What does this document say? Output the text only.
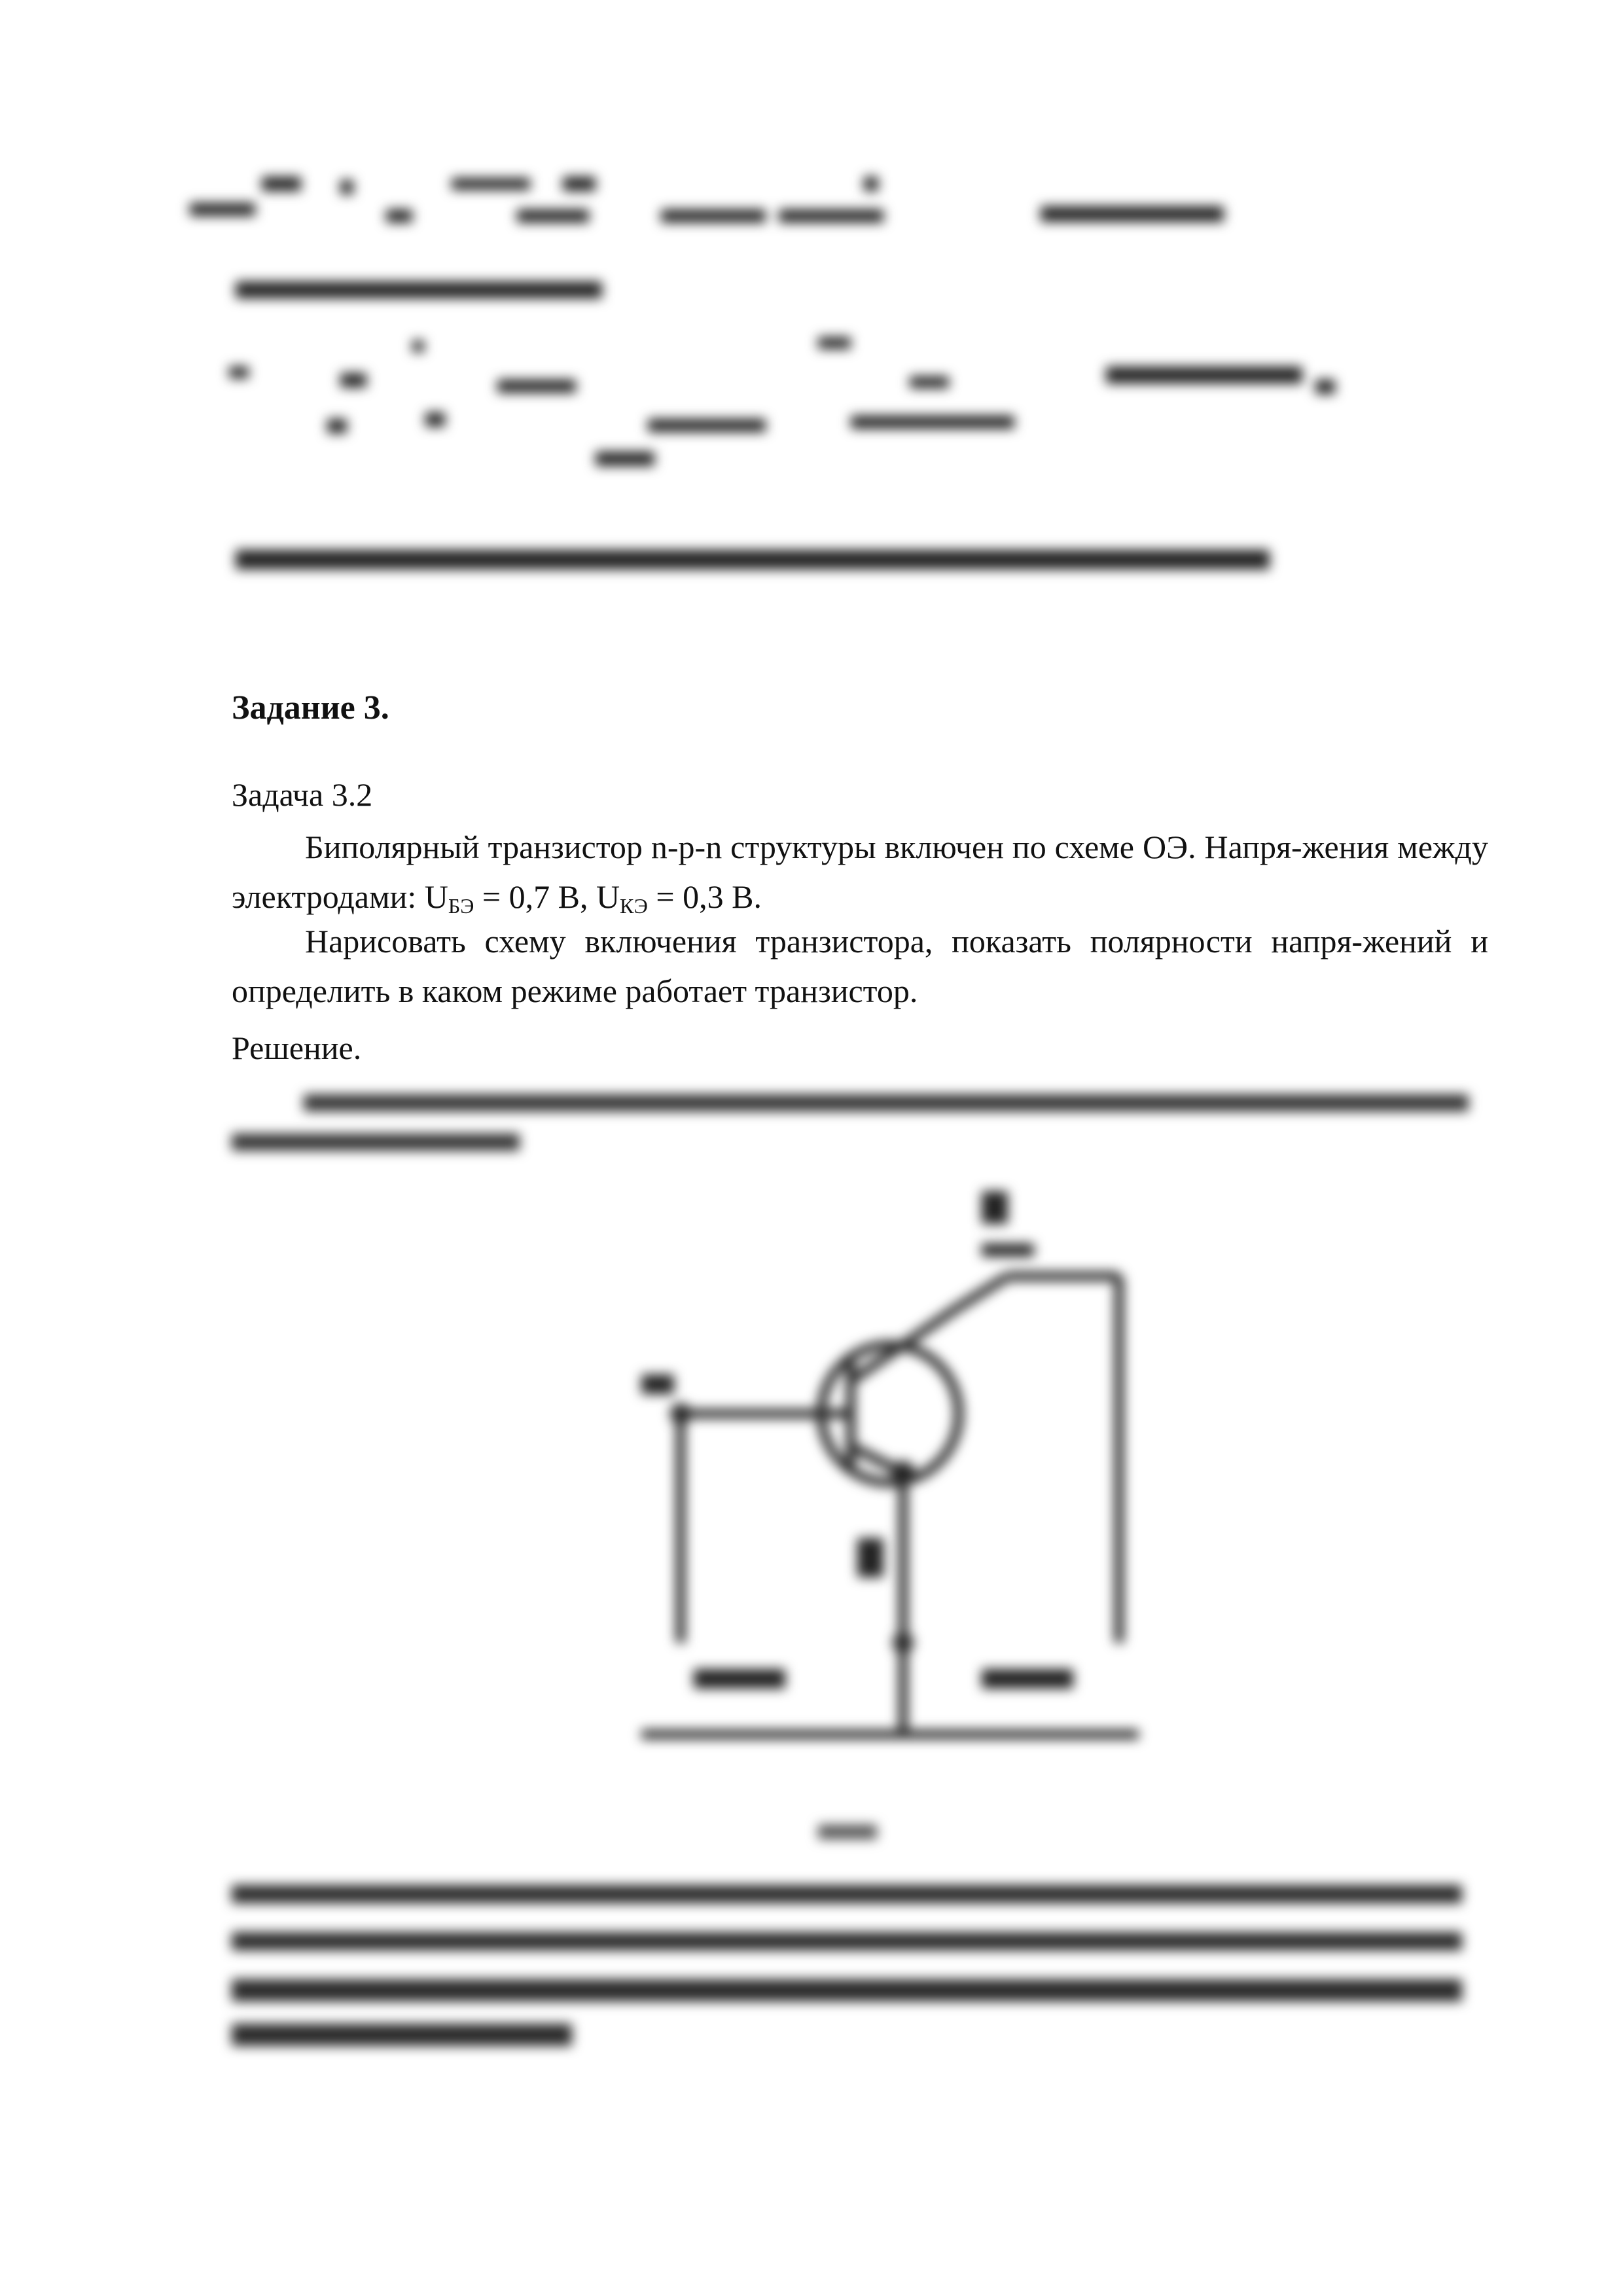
Задание 3.
Задача 3.2
Биполярный транзистор n-p-n структуры включен по схеме ОЭ. Напря-жения между электродами: $U_{БЭ} = 0,7$ В, $U_{КЭ} = 0,3$ В.
Нарисовать схему включения транзистора, показать полярности напря-жений и определить в каком режиме работает транзистор.
Решение.
